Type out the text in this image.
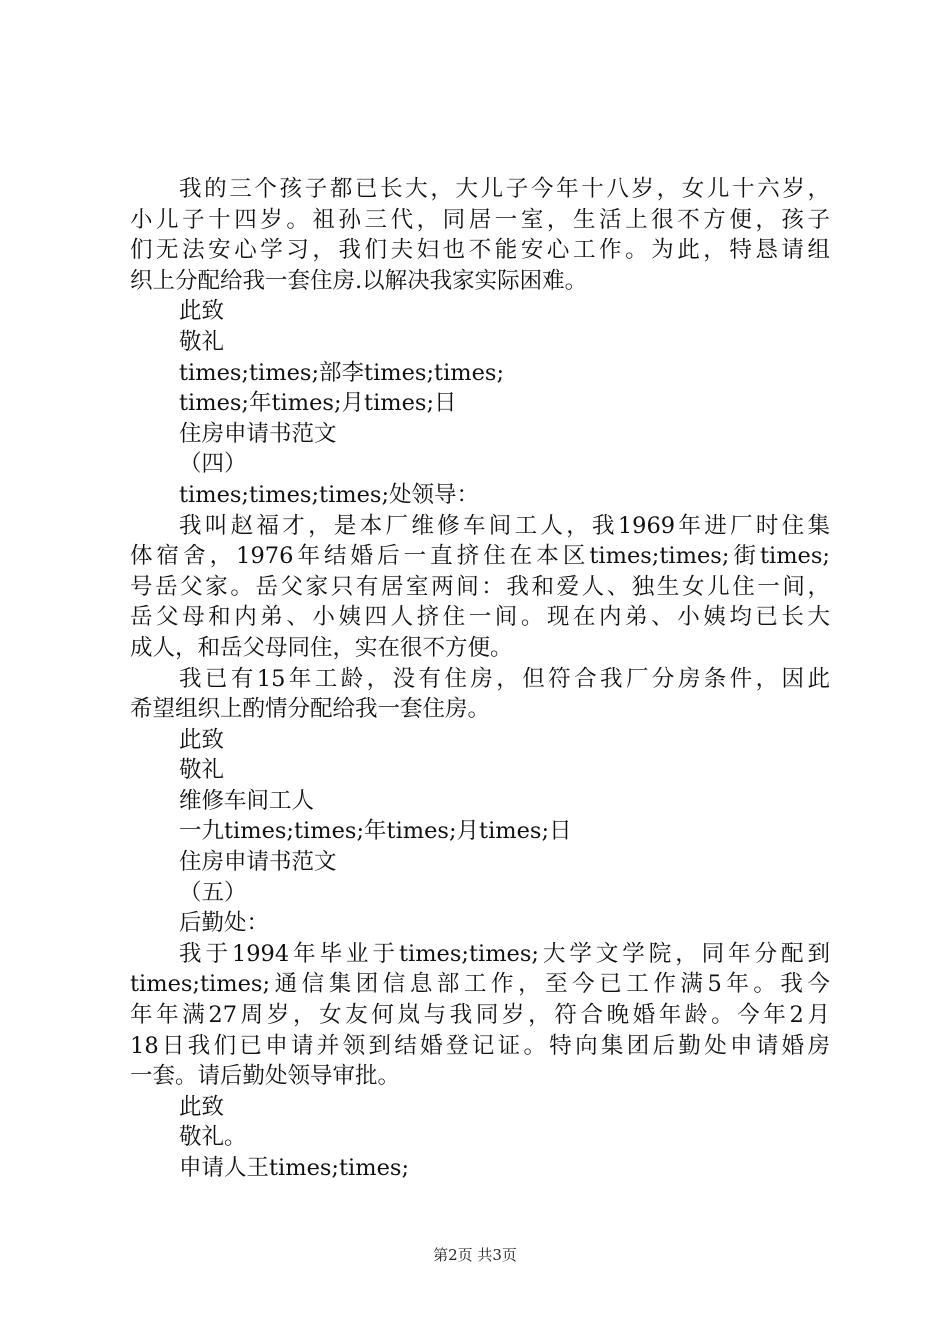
我的三个孩子都已长大，大儿子今年十八岁，女儿十六岁，
小儿子十四岁。祖孙三代，同居一室，生活上很不方便，孩子
们无法安心学习，我们夫妇也不能安心工作。为此，特恳请组
织上分配给我一套住房.以解决我家实际困难。
此致
敬礼
times;times;部李times;times;
times;年times;月times;日
住房申请书范文
（四）
times;times;times;处领导：
我叫赵福才，是本厂维修车间工人，我1969年进厂时住集
体宿舍，1976年结婚后一直挤住在本区times;times;街times;
号岳父家。岳父家只有居室两间：我和爱人、独生女儿住一间，
岳父母和内弟、小姨四人挤住一间。现在内弟、小姨均已长大
成人，和岳父母同住，实在很不方便。
我已有15年工龄，没有住房，但符合我厂分房条件，因此
希望组织上酌情分配给我一套住房。
此致
敬礼
维修车间工人
一九times;times;年times;月times;日
住房申请书范文
（五）
后勤处：
我于1994年毕业于times;times;大学文学院，同年分配到
times;times;通信集团信息部工作，至今已工作满5年。我今
年年满27周岁，女友何岚与我同岁，符合晚婚年龄。今年2月
18日我们已申请并领到结婚登记证。特向集团后勤处申请婚房
一套。请后勤处领导审批。
此致
敬礼。
申请人王times;times;
第2页 共3页
